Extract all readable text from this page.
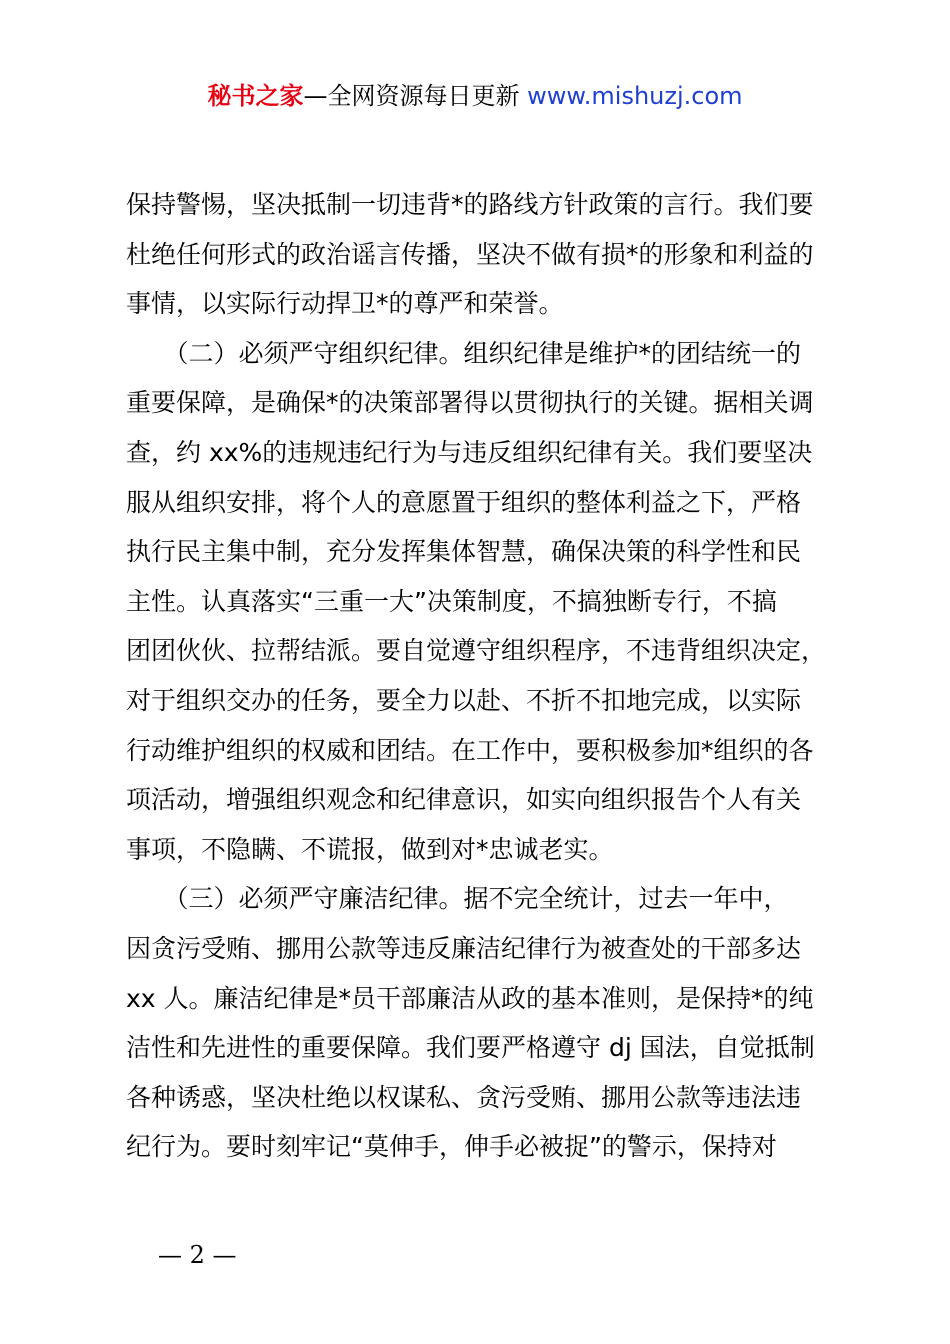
秘书之家—全网资源每日更新 www.mishuzj.com
保持警惕，坚决抵制一切违背*的路线方针政策的言行。我们要
杜绝任何形式的政治谣言传播，坚决不做有损*的形象和利益的
事情，以实际行动捍卫*的尊严和荣誉。
　　（二）必须严守组织纪律。组织纪律是维护*的团结统一的
重要保障，是确保*的决策部署得以贯彻执行的关键。据相关调
查，约 xx%的违规违纪行为与违反组织纪律有关。我们要坚决
服从组织安排，将个人的意愿置于组织的整体利益之下，严格
执行民主集中制，充分发挥集体智慧，确保决策的科学性和民
主性。认真落实“三重一大”决策制度，不搞独断专行，不搞
团团伙伙、拉帮结派。要自觉遵守组织程序，不违背组织决定，
对于组织交办的任务，要全力以赴、不折不扣地完成，以实际
行动维护组织的权威和团结。在工作中，要积极参加*组织的各
项活动，增强组织观念和纪律意识，如实向组织报告个人有关
事项，不隐瞒、不谎报，做到对*忠诚老实。
　　（三）必须严守廉洁纪律。据不完全统计，过去一年中，
因贪污受贿、挪用公款等违反廉洁纪律行为被查处的干部多达
xx 人。廉洁纪律是*员干部廉洁从政的基本准则，是保持*的纯
洁性和先进性的重要保障。我们要严格遵守 dj 国法，自觉抵制
各种诱惑，坚决杜绝以权谋私、贪污受贿、挪用公款等违法违
纪行为。要时刻牢记“莫伸手，伸手必被捉”的警示，保持对
— 2 —
